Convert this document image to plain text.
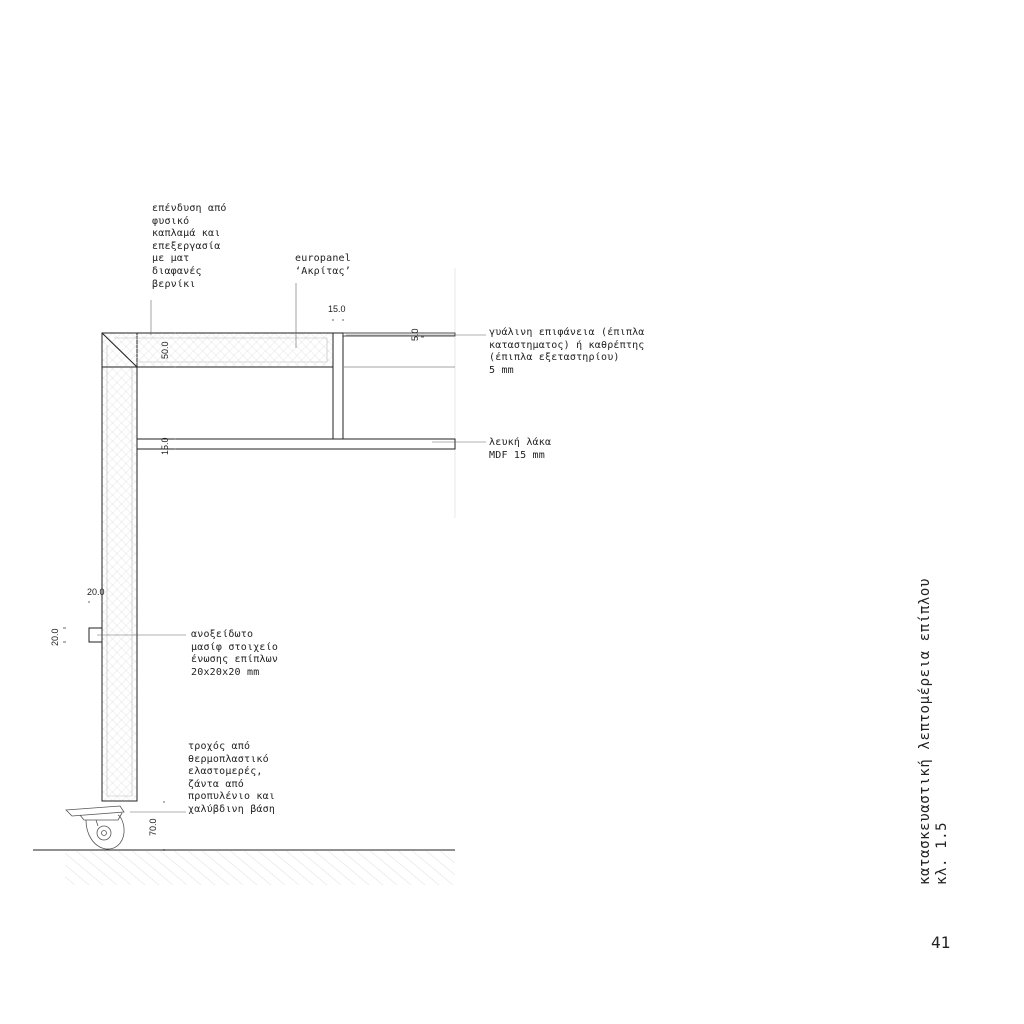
επένδυση από
φυσικό
καπλαμά και
επεξεργασία
με ματ
διαφανές
βερνίκι
europanel
‘Ακρίτας’
γυάλινη επιφάνεια (έπιπλα
καταστηματος) ή καθρέπτης
(έπιπλα εξεταστηρίου)
5 mm
λευκή λάκα
MDF 15 mm
ανοξείδωτο
μασίφ στοιχείο
ένωσης επίπλων
20x20x20 mm
τροχός από
θερμοπλαστικό
ελαστομερές,
ζάντα από
προπυλένιο και
χαλύβδινη βάση
15.0
5.0
50.0
15.0
20.0
20.0
70.0	κατασκευαστική λεπτομέρεια επίπλου
κλ. 1.5
41
